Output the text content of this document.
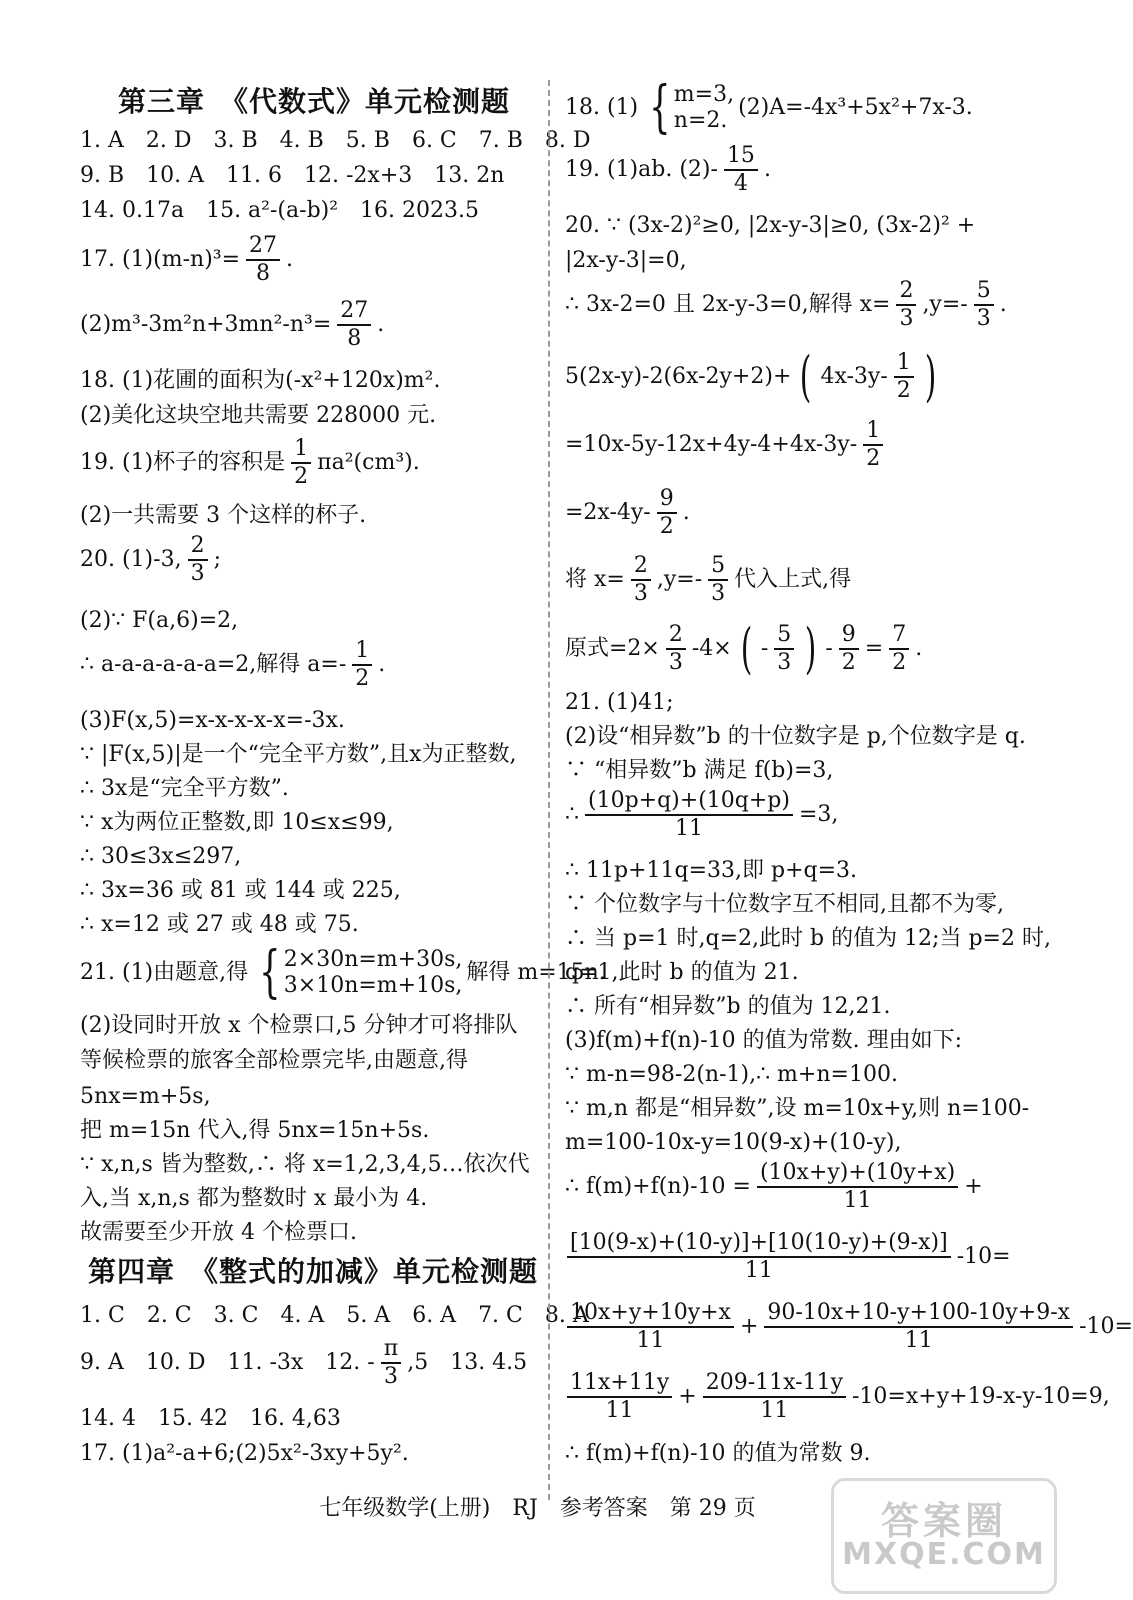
第三章　《代数式》单元检测题
1. A　2. D　3. B　4. B　5. B　6. C　7. B　8. D
9. B　10. A　11. 6　12. -2x+3　13. 2n
14. 0.17a　15. a²-(a-b)²　16. 2023.5
17. $(1)(m-n)^3= \frac{27}{8}$ .
$(2)m^3-3m^2n+3mn^2-n^3= \frac{27}{8}$ .
18. (1)花圃的面积为(-x²+120x)m².
(2)美化这块空地共需要 228000 元.
19. (1)杯子的容积是 $\frac{1}{2} \pi a^2(cm^3)$.
(2)一共需要 3 个这样的杯子.
20. (1)-3, $\frac{2}{3}$ ;
(2)∵ F(a,6)=2,
∴ a-a-a-a-a-a=2,解得 $a=- \frac{1}{2}$ .
(3)F(x,5)=x-x-x-x-x=-3x.
∵ |F(x,5)|是一个“完全平方数”,且x为正整数,
∴ 3x是“完全平方数”.
∵ x为两位正整数,即 10≤x≤99,
∴ 30≤3x≤297,
∴ 3x=36 或 81 或 144 或 225,
∴ x=12 或 27 或 48 或 75.
21. (1)由题意,得 { 2×30n=m+30s,
3×10n=m+10s,
解得 m=15n.
(2)设同时开放 x 个检票口,5 分钟才可将排队
等候检票的旅客全部检票完毕,由题意,得
5nx=m+5s,
把 m=15n 代入,得 5nx=15n+5s.
∵ x,n,s 皆为整数,∴ 将 x=1,2,3,4,5…依次代
入,当 x,n,s 都为整数时 x 最小为 4.
故需要至少开放 4 个检票口.
第四章　《整式的加减》单元检测题
1. C　2. C　3. C　4. A　5. A　6. A　7. C　8. A
9. A　10. D　11. -3x　12. - $\frac{\pi}{3} ,5$　13. 4.5
14. 4　15. 42　16. 4,63
17. (1)a²-a+6;(2)5x²-3xy+5y².
18. (1) { m=3,
n=2.
(2)A=-4x³+5x²+7x-3.
19. (1)ab. $(2)- \frac{15}{4}$ .
20. ∵ (3x-2)²≥0, |2x-y-3|≥0, (3x-2)² +
|2x-y-3|=0,
∴ 3x-2=0 且 2x-y-3=0,解得 $x= \frac{2}{3} ,y=- \frac{5}{3}$ .
5(2x-y)-2(6x-2y+2)+ ( $4x-3y- \frac{1}{2}$ )
$=10x-5y-12x+4y-4+4x-3y- \frac{1}{2}$
$=2x-4y- \frac{9}{2}$ .
将 $x= \frac{2}{3} ,y=- \frac{5}{3}$ 代入上式,得
原式$=2\times \frac{2}{3} -4\times$ ( - $\frac{5}{3}$ ) - $\frac{9}{2} = \frac{7}{2}$ .
21. (1)41;
(2)设“相异数”b 的十位数字是 p,个位数字是 q.
∵ “相异数”b 满足 f(b)=3,
∴ $\frac{(10p+q)+(10q+p)}{11} =3$,
∴ 11p+11q=33,即 p+q=3.
∵ 个位数字与十位数字互不相同,且都不为零,
∴ 当 p=1 时,q=2,此时 b 的值为 12;当 p=2 时,
q=1,此时 b 的值为 21.
∴ 所有“相异数”b 的值为 12,21.
(3)f(m)+f(n)-10 的值为常数. 理由如下:
∵ m-n=98-2(n-1),∴ m+n=100.
∵ m,n 都是“相异数”,设 m=10x+y,则 n=100-
m=100-10x-y=10(9-x)+(10-y),
∴ $f(m)+f(n)-10 = \frac{(10x+y)+(10y+x)}{11}$ +
$\frac{[10(9-x)+(10-y)]+[10(10-y)+(9-x)]}{11} -10=$
$\frac{10x+y+10y+x}{11} + \frac{90-10x+10-y+100-10y+9-x}{11} -10=$
$\frac{11x+11y}{11} + \frac{209-11x-11y}{11} -10=x+y+19-x-y-10=9$,
∴ f(m)+f(n)-10 的值为常数 9.
七年级数学(上册)　RJ　参考答案　第 29 页	答案圈
MXQE.COM
